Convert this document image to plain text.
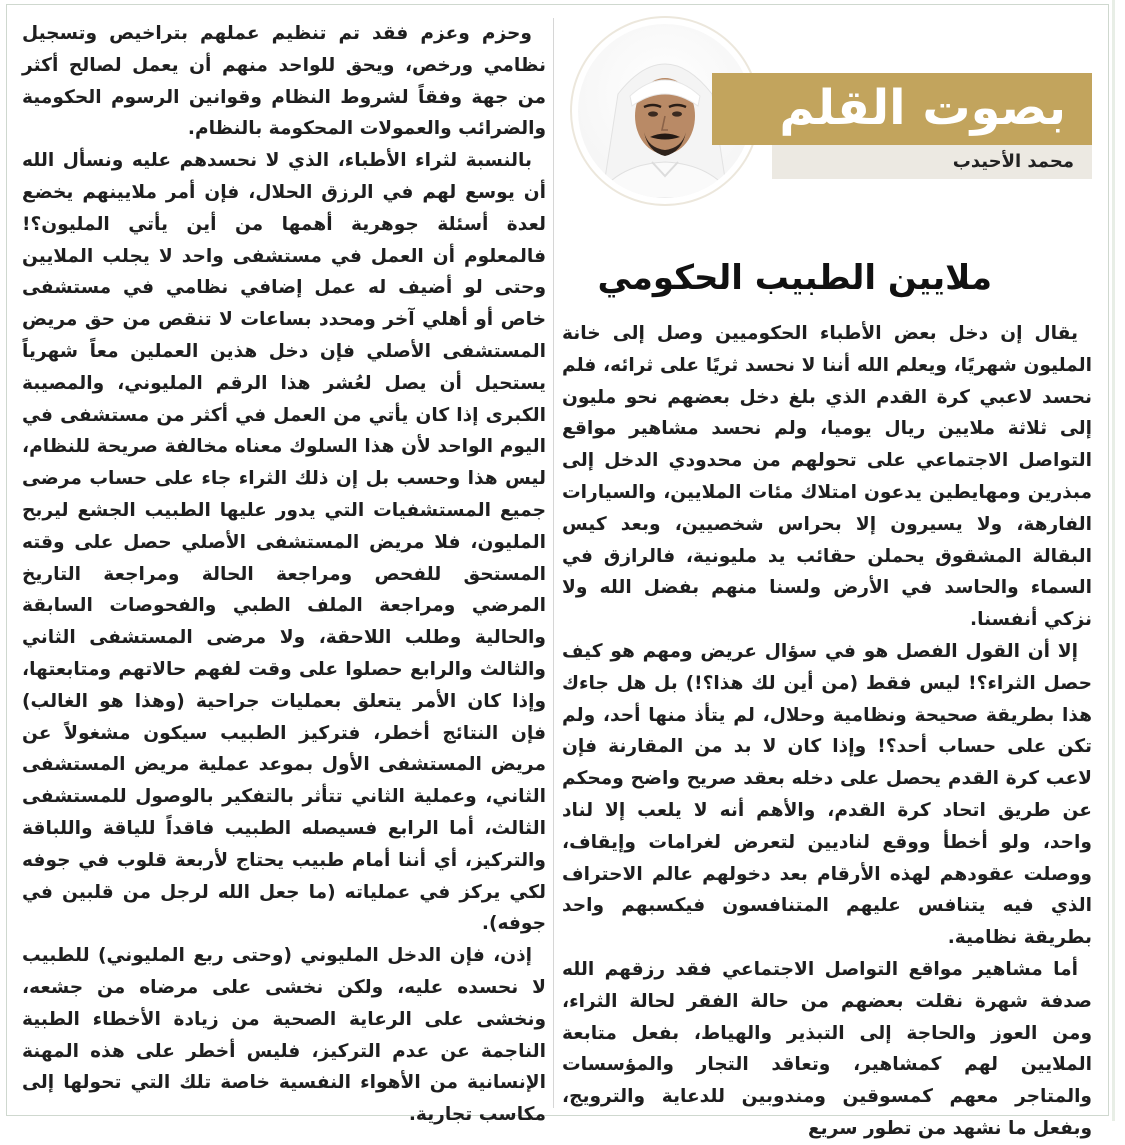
بصوت القلم
محمد الأحيدب
ملايين الطبيب الحكومي

يقال إن دخل بعض الأطباء الحكوميين وصل إلى خانة المليون شهريًا، ويعلم الله أننا لا نحسد ثريًا على ثرائه، فلم نحسد لاعبي كرة القدم الذي بلغ دخل بعضهم نحو مليون إلى ثلاثة ملايين ريال يوميا، ولم نحسد مشاهير مواقع التواصل الاجتماعي على تحولهم من محدودي الدخل إلى مبذرين ومهايطين يدعون امتلاك مئات الملايين، والسيارات الفارهة، ولا يسيرون إلا بحراس شخصيين، وبعد كيس البقالة المشقوق يحملن حقائب يد مليونية، فالرازق في السماء والحاسد في الأرض ولسنا منهم بفضل الله ولا نزكي أنفسنا.

إلا أن القول الفصل هو في سؤال عريض ومهم هو كيف حصل الثراء؟! ليس فقط (من أين لك هذا؟!) بل هل جاءك هذا بطريقة صحيحة ونظامية وحلال، لم يتأذ منها أحد، ولم تكن على حساب أحد؟! وإذا كان لا بد من المقارنة فإن لاعب كرة القدم يحصل على دخله بعقد صريح واضح ومحكم عن طريق اتحاد كرة القدم، والأهم أنه لا يلعب إلا لناد واحد، ولو أخطأ ووقع لناديين لتعرض لغرامات وإيقاف، ووصلت عقودهم لهذه الأرقام بعد دخولهم عالم الاحتراف الذي فيه يتنافس عليهم المتنافسون فيكسبهم واحد بطريقة نظامية.

أما مشاهير مواقع التواصل الاجتماعي فقد رزقهم الله صدفة شهرة نقلت بعضهم من حالة الفقر لحالة الثراء، ومن العوز والحاجة إلى التبذير والهياط، بفعل متابعة الملايين لهم كمشاهير، وتعاقد التجار والمؤسسات والمتاجر معهم كمسوقين ومندوبين للدعاية والترويج، وبفعل ما نشهد من تطور سريع

وحزم وعزم فقد تم تنظيم عملهم بتراخيص وتسجيل نظامي ورخص، ويحق للواحد منهم أن يعمل لصالح أكثر من جهة وفقاً لشروط النظام وقوانين الرسوم الحكومية والضرائب والعمولات المحكومة بالنظام.

بالنسبة لثراء الأطباء، الذي لا نحسدهم عليه ونسأل الله أن يوسع لهم في الرزق الحلال، فإن أمر ملايينهم يخضع لعدة أسئلة جوهرية أهمها من أين يأتي المليون؟! فالمعلوم أن العمل في مستشفى واحد لا يجلب الملايين وحتى لو أضيف له عمل إضافي نظامي في مستشفى خاص أو أهلي آخر ومحدد بساعات لا تنقص من حق مريض المستشفى الأصلي فإن دخل هذين العملين معاً شهرياً يستحيل أن يصل لعُشر هذا الرقم المليوني، والمصيبة الكبرى إذا كان يأتي من العمل في أكثر من مستشفى في اليوم الواحد لأن هذا السلوك معناه مخالفة صريحة للنظام، ليس هذا وحسب بل إن ذلك الثراء جاء على حساب مرضى جميع المستشفيات التي يدور عليها الطبيب الجشع ليربح المليون، فلا مريض المستشفى الأصلي حصل على وقته المستحق للفحص ومراجعة الحالة ومراجعة التاريخ المرضي ومراجعة الملف الطبي والفحوصات السابقة والحالية وطلب اللاحقة، ولا مرضى المستشفى الثاني والثالث والرابع حصلوا على وقت لفهم حالاتهم ومتابعتها، وإذا كان الأمر يتعلق بعمليات جراحية (وهذا هو الغالب) فإن النتائج أخطر، فتركيز الطبيب سيكون مشغولاً عن مريض المستشفى الأول بموعد عملية مريض المستشفى الثاني، وعملية الثاني تتأثر بالتفكير بالوصول للمستشفى الثالث، أما الرابع فسيصله الطبيب فاقداً للياقة واللباقة والتركيز، أي أننا أمام طبيب يحتاج لأربعة قلوب في جوفه لكي يركز في عملياته (ما جعل الله لرجل من قلبين في جوفه).

إذن، فإن الدخل المليوني (وحتى ربع المليوني) للطبيب لا نحسده عليه، ولكن نخشى على مرضاه من جشعه، ونخشى على الرعاية الصحية من زيادة الأخطاء الطبية الناجمة عن عدم التركيز، فليس أخطر على هذه المهنة الإنسانية من الأهواء النفسية خاصة تلك التي تحولها إلى مكاسب تجارية.
